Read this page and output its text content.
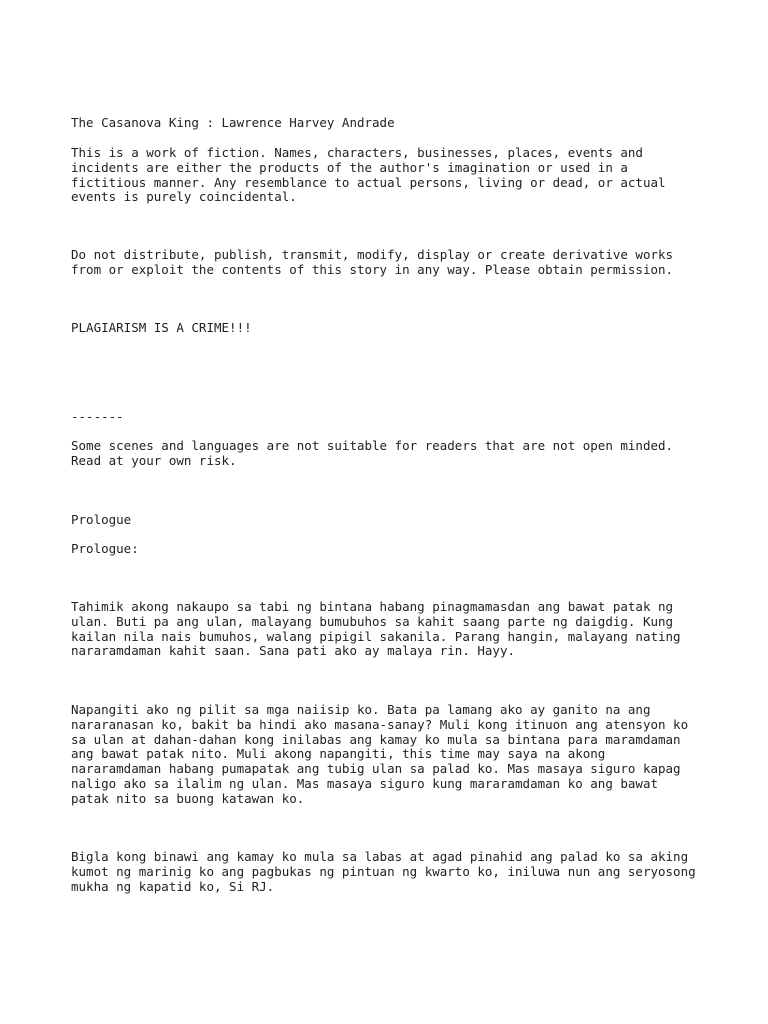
The Casanova King : Lawrence Harvey Andrade

This is a work of fiction. Names, characters, businesses, places, events and
incidents are either the products of the author's imagination or used in a
fictitious manner. Any resemblance to actual persons, living or dead, or actual
events is purely coincidental.

Do not distribute, publish, transmit, modify, display or create derivative works
from or exploit the contents of this story in any way. Please obtain permission.

PLAGIARISM IS A CRIME!!!

-------

Some scenes and languages are not suitable for readers that are not open minded.
Read at your own risk.

Prologue

Prologue:

Tahimik akong nakaupo sa tabi ng bintana habang pinagmamasdan ang bawat patak ng
ulan. Buti pa ang ulan, malayang bumubuhos sa kahit saang parte ng daigdig. Kung
kailan nila nais bumuhos, walang pipigil sakanila. Parang hangin, malayang nating
nararamdaman kahit saan. Sana pati ako ay malaya rin. Hayy.

Napangiti ako ng pilit sa mga naiisip ko. Bata pa lamang ako ay ganito na ang
nararanasan ko, bakit ba hindi ako masana-sanay? Muli kong itinuon ang atensyon ko
sa ulan at dahan-dahan kong inilabas ang kamay ko mula sa bintana para maramdaman
ang bawat patak nito. Muli akong napangiti, this time may saya na akong
nararamdaman habang pumapatak ang tubig ulan sa palad ko. Mas masaya siguro kapag
naligo ako sa ilalim ng ulan. Mas masaya siguro kung mararamdaman ko ang bawat
patak nito sa buong katawan ko.

Bigla kong binawi ang kamay ko mula sa labas at agad pinahid ang palad ko sa aking
kumot ng marinig ko ang pagbukas ng pintuan ng kwarto ko, iniluwa nun ang seryosong
mukha ng kapatid ko, Si RJ.
